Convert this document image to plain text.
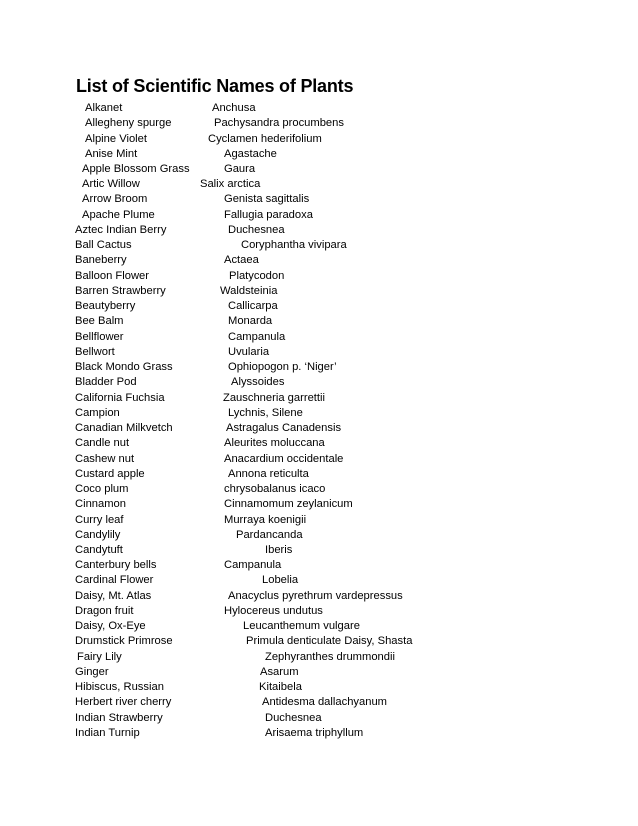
List of Scientific Names of Plants
Alkanet	Anchusa
Allegheny spurge	Pachysandra procumbens
Alpine Violet	Cyclamen hederifolium
Anise Mint	Agastache
Apple Blossom Grass	Gaura
Artic Willow	Salix arctica
Arrow Broom	Genista sagittalis
Apache Plume	Fallugia paradoxa
Aztec Indian Berry	Duchesnea
Ball Cactus	Coryphantha vivipara
Baneberry	Actaea
Balloon Flower	Platycodon
Barren Strawberry	Waldsteinia
Beautyberry	Callicarpa
Bee Balm	Monarda
Bellflower	Campanula
Bellwort	Uvularia
Black Mondo Grass	Ophiopogon p. ‘Niger’
Bladder Pod	Alyssoides
California Fuchsia	Zauschneria garrettii
Campion	Lychnis, Silene
Canadian Milkvetch	Astragalus Canadensis
Candle nut	Aleurites moluccana
Cashew nut	Anacardium occidentale
Custard apple	Annona reticulta
Coco plum	chrysobalanus icaco
Cinnamon	Cinnamomum zeylanicum
Curry leaf	Murraya koenigii
Candylily	Pardancanda
Candytuft	Iberis
Canterbury bells	Campanula
Cardinal Flower	Lobelia
Daisy, Mt. Atlas	Anacyclus pyrethrum vardepressus
Dragon fruit	Hylocereus undutus
Daisy, Ox-Eye	Leucanthemum vulgare
Drumstick Primrose	Primula denticulate Daisy, Shasta
Fairy Lily	Zephyranthes drummondii
Ginger	Asarum
Hibiscus, Russian	Kitaibela
Herbert river cherry	Antidesma dallachyanum
Indian Strawberry	Duchesnea
Indian Turnip	Arisaema triphyllum
